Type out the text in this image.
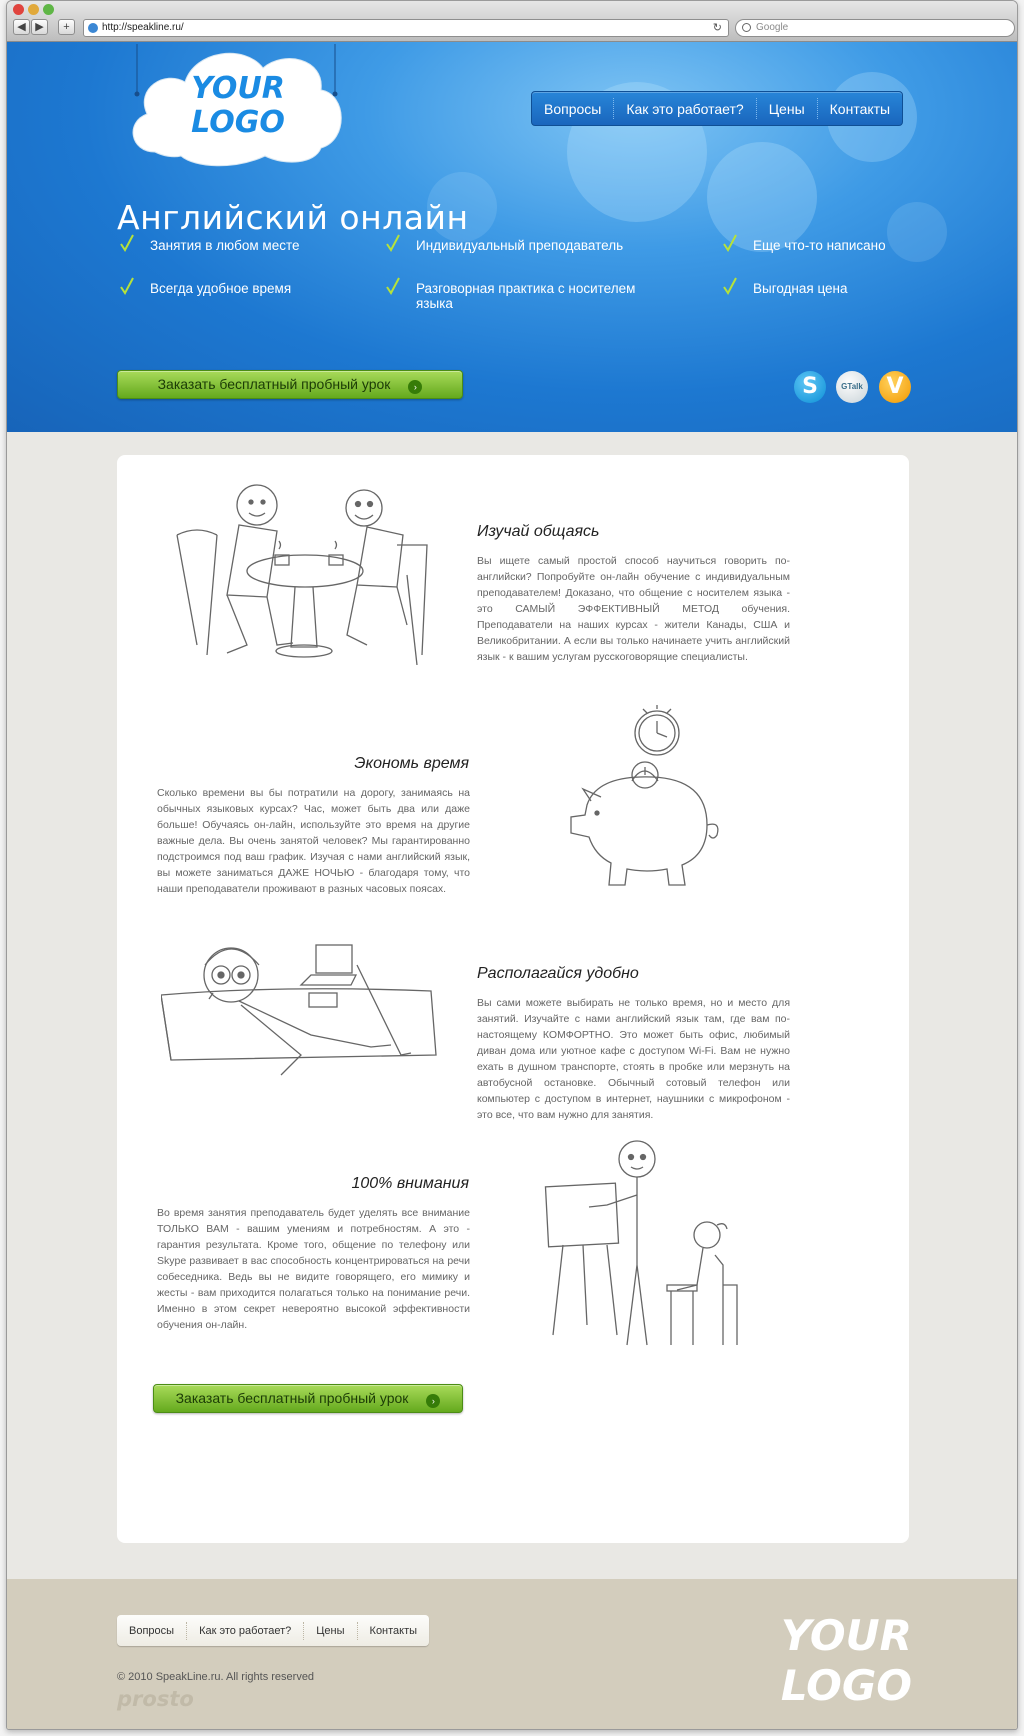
◀ ▶	+	http://speakline.ru/	↻	Google
YOUR
LOGO	Вопросы	Как это работает?	Цены	Контакты
Английский онлайн
Занятия в любом месте	Индивидуальный преподаватель	Еще что-то написано
Всегда удобное время	Разговорная практика с носителем языка
Выгодная цена
Заказать бесплатный пробный урок	›	S	GTalk	V
Изучай общаясь
Вы ищете самый простой способ научиться говорить по-английски? Попробуйте он-лайн обучение с индивидуальным преподавателем! Доказано, что общение с носителем языка - это САМЫЙ ЭФФЕКТИВНЫЙ МЕТОД обучения. Преподаватели на наших курсах - жители Канады, США и Великобритании. А если вы только начинаете учить английский язык - к вашим услугам русскоговорящие специалисты.
Экономь время
Сколько времени вы бы потратили на дорогу, занимаясь на обычных языковых курсах? Час, может быть два или даже больше! Обучаясь он-лайн, используйте это время на другие важные дела. Вы очень занятой человек? Мы гарантированно подстроимся под ваш график. Изучая с нами английский язык, вы можете заниматься ДАЖЕ НОЧЬЮ - благодаря тому, что наши преподаватели проживают в разных часовых поясах.
Располагайся удобно
Вы сами можете выбирать не только время, но и место для занятий. Изучайте с нами английский язык там, где вам по-настоящему КОМФОРТНО. Это может быть офис, любимый диван дома или уютное кафе с доступом Wi-Fi. Вам не нужно ехать в душном транспорте, стоять в пробке или мерзнуть на автобусной остановке. Обычный сотовый телефон или компьютер с доступом в интернет, наушники с микрофоном - это все, что вам нужно для занятия.
100% внимания
Во время занятия преподаватель будет уделять все внимание ТОЛЬКО ВАМ - вашим умениям и потребностям. А это - гарантия результата. Кроме того, общение по телефону или Skype развивает в вас способность концентрироваться на речи собеседника. Ведь вы не видите говорящего, его мимику и жесты - вам приходится полагаться только на понимание речи. Именно в этом секрет невероятно высокой эффективности обучения он-лайн.
Заказать бесплатный пробный урок	›
Вопросы	Как это работает?	Цены	Контакты
© 2010 SpeakLine.ru. All rights reserved
prosto
YOUR
LOGO
